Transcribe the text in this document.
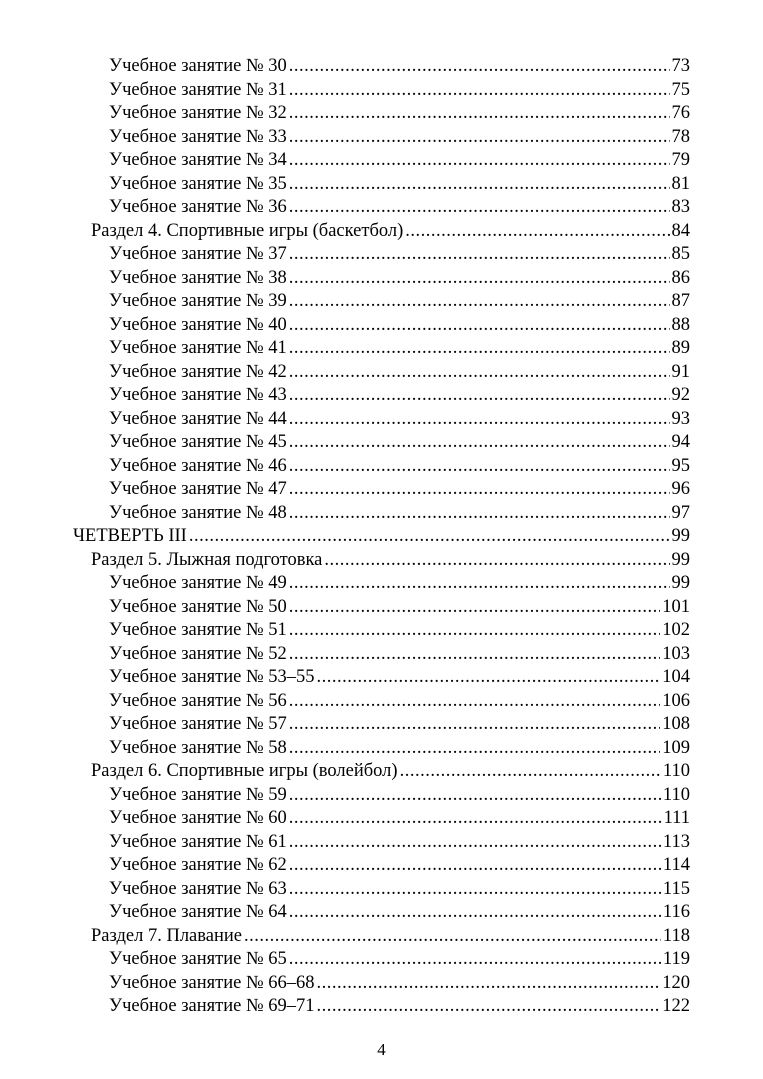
Учебное занятие № 30 .....	73
Учебное занятие № 31 .....	75
Учебное занятие № 32 .....	76
Учебное занятие № 33 .....	78
Учебное занятие № 34 .....	79
Учебное занятие № 35 .....	81
Учебное занятие № 36 .....	83
Раздел 4. Спортивные игры (баскетбол) .....	84
Учебное занятие № 37 .....	85
Учебное занятие № 38 .....	86
Учебное занятие № 39 .....	87
Учебное занятие № 40 .....	88
Учебное занятие № 41 .....	89
Учебное занятие № 42 .....	91
Учебное занятие № 43 .....	92
Учебное занятие № 44 .....	93
Учебное занятие № 45 .....	94
Учебное занятие № 46 .....	95
Учебное занятие № 47 .....	96
Учебное занятие № 48 .....	97
ЧЕТВЕРТЬ III .....	99
Раздел 5. Лыжная подготовка .....	99
Учебное занятие № 49 .....	99
Учебное занятие № 50 .....	101
Учебное занятие № 51 .....	102
Учебное занятие № 52 .....	103
Учебное занятие № 53–55 .....	104
Учебное занятие № 56 .....	106
Учебное занятие № 57 .....	108
Учебное занятие № 58 .....	109
Раздел 6. Спортивные игры (волейбол) .....	110
Учебное занятие № 59 .....	110
Учебное занятие № 60 .....	111
Учебное занятие № 61 .....	113
Учебное занятие № 62 .....	114
Учебное занятие № 63 .....	115
Учебное занятие № 64 .....	116
Раздел 7. Плавание .....	118
Учебное занятие № 65 .....	119
Учебное занятие № 66–68 .....	120
Учебное занятие № 69–71 .....	122
4
